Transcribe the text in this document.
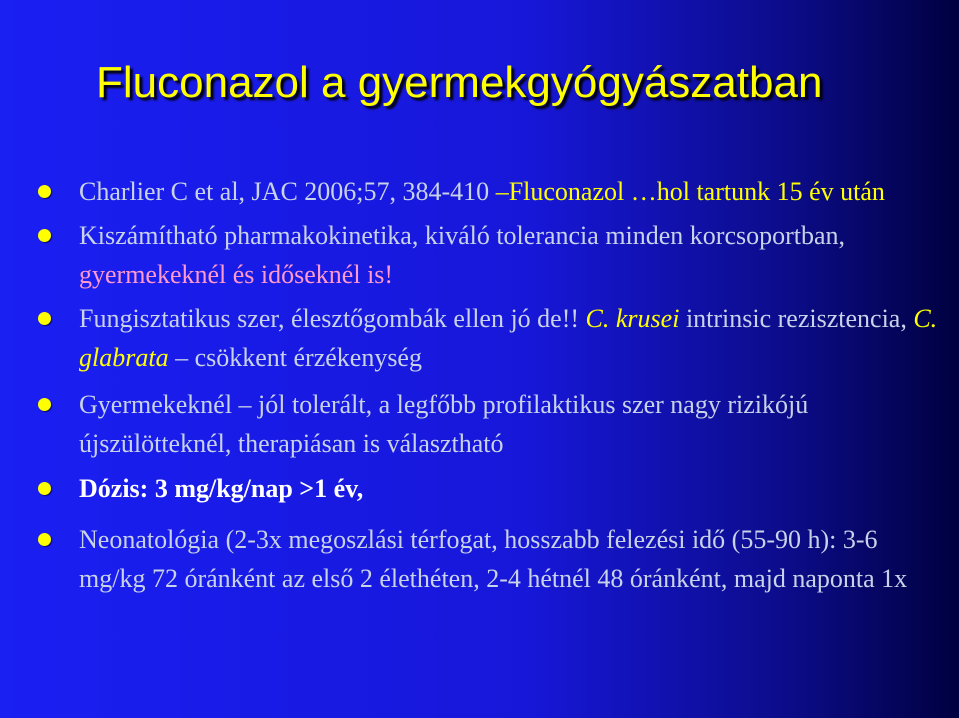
Fluconazol a gyermekgyógyászatban
Charlier C et al, JAC 2006;57, 384-410 –Fluconazol …hol tartunk 15 év után
Kiszámítható pharmakokinetika, kiváló tolerancia minden korcsoportban, gyermekeknél és időseknél is!
Fungisztatikus szer, élesztőgombák ellen jó de!! C. krusei intrinsic rezisztencia, C. glabrata – csökkent érzékenység
Gyermekeknél – jól tolerált, a legfőbb profilaktikus szer nagy rizikójú újszülötteknél, therapiásan is választható
Dózis: 3 mg/kg/nap >1 év,
Neonatológia (2-3x megoszlási térfogat, hosszabb felezési idő (55-90 h): 3-6 mg/kg 72 óránként az első 2 élethéten, 2-4 hétnél 48 óránként, majd naponta 1x
